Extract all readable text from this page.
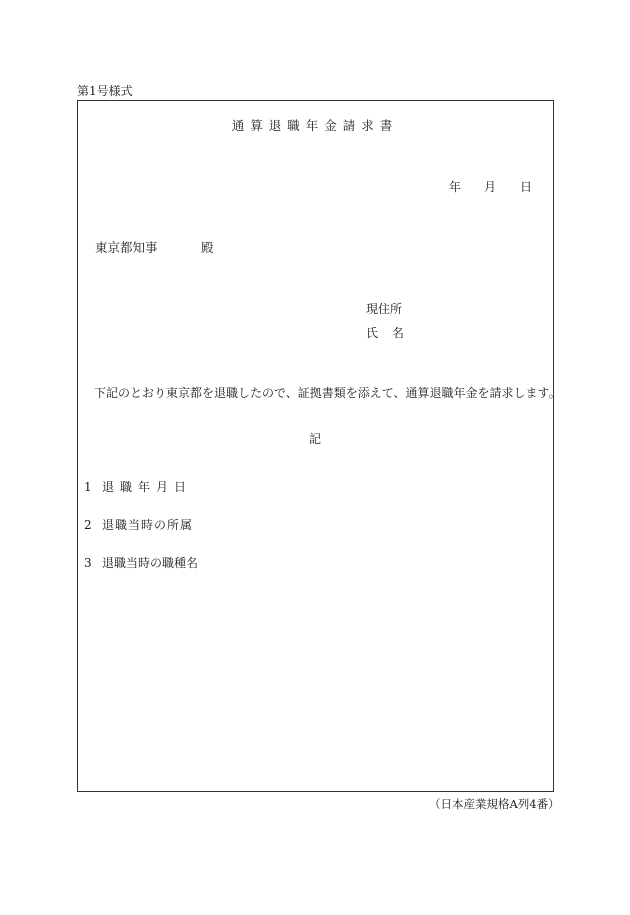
第1号様式
通算退職年金請求書
年 月 日
東京都知事	殿
現住所
氏 名
下記のとおり東京都を退職したので、証拠書類を添えて、通算退職年金を請求します。
記
1 退職年月日
2 退職当時の所属
3 退職当時の職種名
（日本産業規格A列4番）
